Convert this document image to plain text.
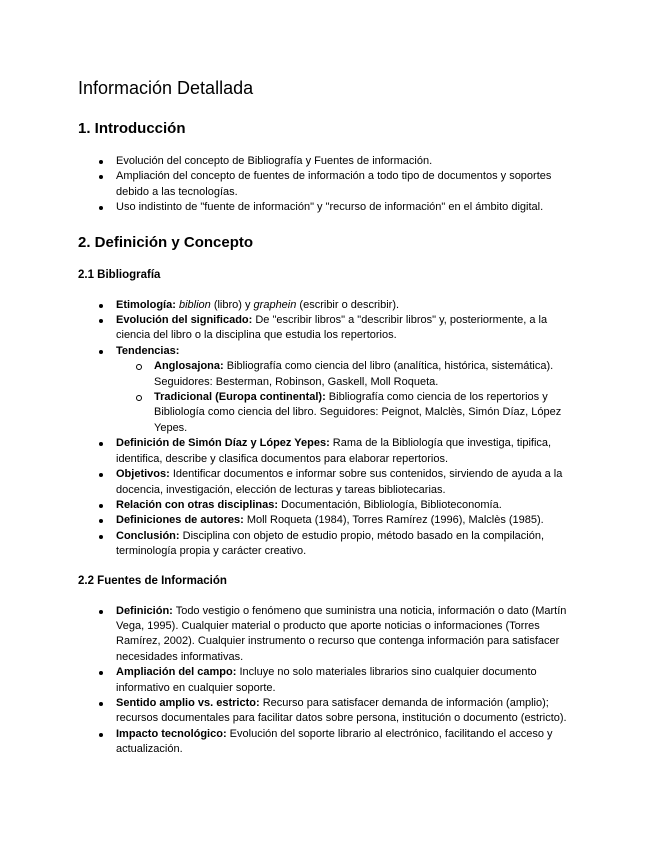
Información Detallada
1. Introducción
Evolución del concepto de Bibliografía y Fuentes de información.
Ampliación del concepto de fuentes de información a todo tipo de documentos y soportes debido a las tecnologías.
Uso indistinto de "fuente de información" y "recurso de información" en el ámbito digital.
2. Definición y Concepto
2.1 Bibliografía
Etimología: biblion (libro) y graphein (escribir o describir).
Evolución del significado: De "escribir libros" a "describir libros" y, posteriormente, a la ciencia del libro o la disciplina que estudia los repertorios.
Tendencias:
Anglosajona: Bibliografía como ciencia del libro (analítica, histórica, sistemática). Seguidores: Besterman, Robinson, Gaskell, Moll Roqueta.
Tradicional (Europa continental): Bibliografía como ciencia de los repertorios y Bibliología como ciencia del libro. Seguidores: Peignot, Malclès, Simón Díaz, López Yepes.
Definición de Simón Díaz y López Yepes: Rama de la Bibliología que investiga, tipifica, identifica, describe y clasifica documentos para elaborar repertorios.
Objetivos: Identificar documentos e informar sobre sus contenidos, sirviendo de ayuda a la docencia, investigación, elección de lecturas y tareas bibliotecarias.
Relación con otras disciplinas: Documentación, Bibliología, Biblioteconomía.
Definiciones de autores: Moll Roqueta (1984), Torres Ramírez (1996), Malclès (1985).
Conclusión: Disciplina con objeto de estudio propio, método basado en la compilación, terminología propia y carácter creativo.
2.2 Fuentes de Información
Definición: Todo vestigio o fenómeno que suministra una noticia, información o dato (Martín Vega, 1995). Cualquier material o producto que aporte noticias o informaciones (Torres Ramírez, 2002). Cualquier instrumento o recurso que contenga información para satisfacer necesidades informativas.
Ampliación del campo: Incluye no solo materiales librarios sino cualquier documento informativo en cualquier soporte.
Sentido amplio vs. estricto: Recurso para satisfacer demanda de información (amplio); recursos documentales para facilitar datos sobre persona, institución o documento (estricto).
Impacto tecnológico: Evolución del soporte librario al electrónico, facilitando el acceso y actualización.
